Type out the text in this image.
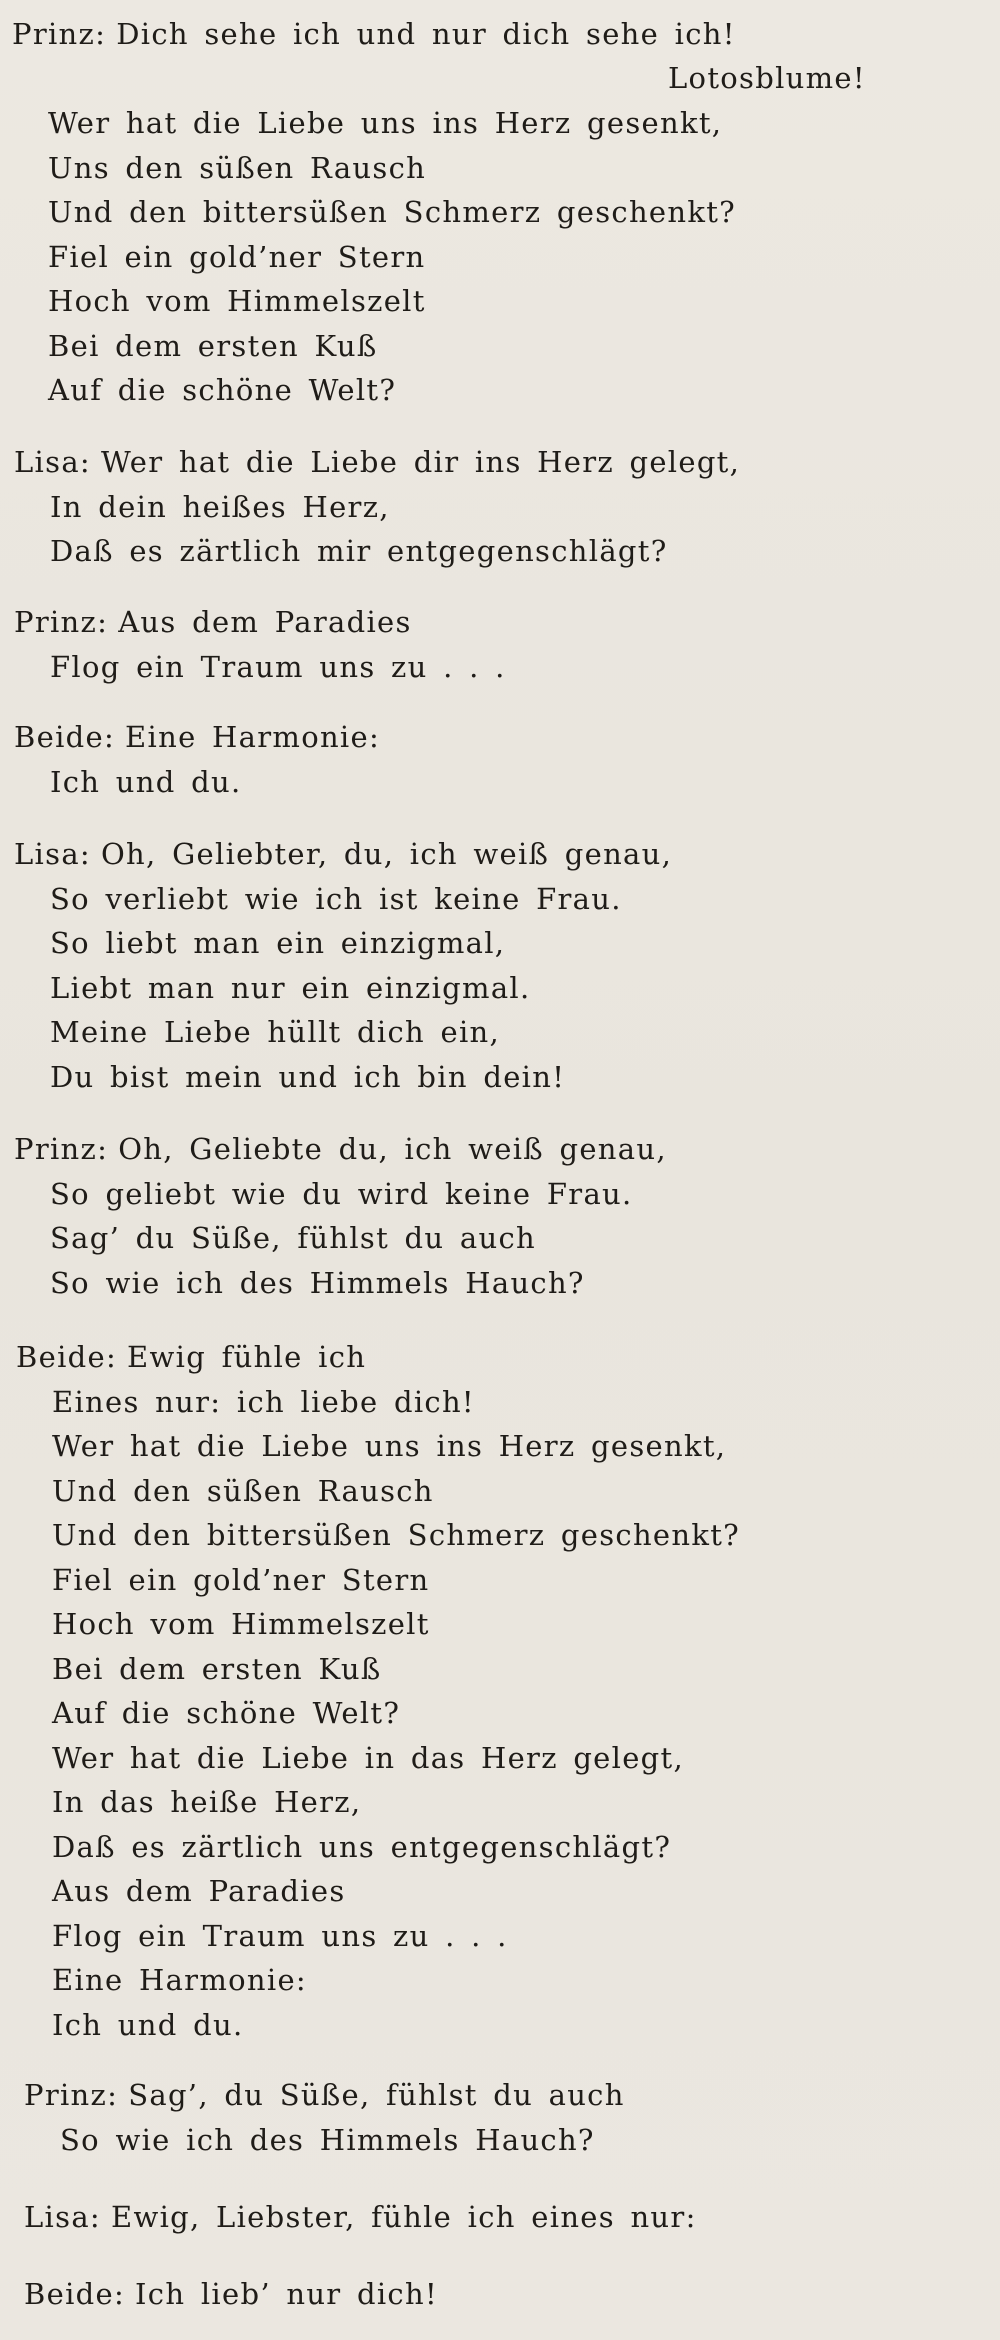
Prinz: Dich sehe ich und nur dich sehe ich!
Wer hat die Liebe uns ins Herz gesenkt,
Uns den süßen Rausch
Und den bittersüßen Schmerz geschenkt?
Fiel ein gold’ner Stern
Hoch vom Himmelszelt
Bei dem ersten Kuß
Auf die schöne Welt?
Lotosblume!
Lisa: Wer hat die Liebe dir ins Herz gelegt,
In dein heißes Herz,
Daß es zärtlich mir entgegenschlägt?
Prinz: Aus dem Paradies
Flog ein Traum uns zu . . .
Beide: Eine Harmonie:
Ich und du.
Lisa: Oh, Geliebter, du, ich weiß genau,
So verliebt wie ich ist keine Frau.
So liebt man ein einzigmal,
Liebt man nur ein einzigmal.
Meine Liebe hüllt dich ein,
Du bist mein und ich bin dein!
Prinz: Oh, Geliebte du, ich weiß genau,
So geliebt wie du wird keine Frau.
Sag’ du Süße, fühlst du auch
So wie ich des Himmels Hauch?
Beide: Ewig fühle ich
Eines nur: ich liebe dich!
Wer hat die Liebe uns ins Herz gesenkt,
Und den süßen Rausch
Und den bittersüßen Schmerz geschenkt?
Fiel ein gold’ner Stern
Hoch vom Himmelszelt
Bei dem ersten Kuß
Auf die schöne Welt?
Wer hat die Liebe in das Herz gelegt,
In das heiße Herz,
Daß es zärtlich uns entgegenschlägt?
Aus dem Paradies
Flog ein Traum uns zu . . .
Eine Harmonie:
Ich und du.
Prinz: Sag’, du Süße, fühlst du auch
So wie ich des Himmels Hauch?
Lisa: Ewig, Liebster, fühle ich eines nur:
Beide: Ich lieb’ nur dich!
